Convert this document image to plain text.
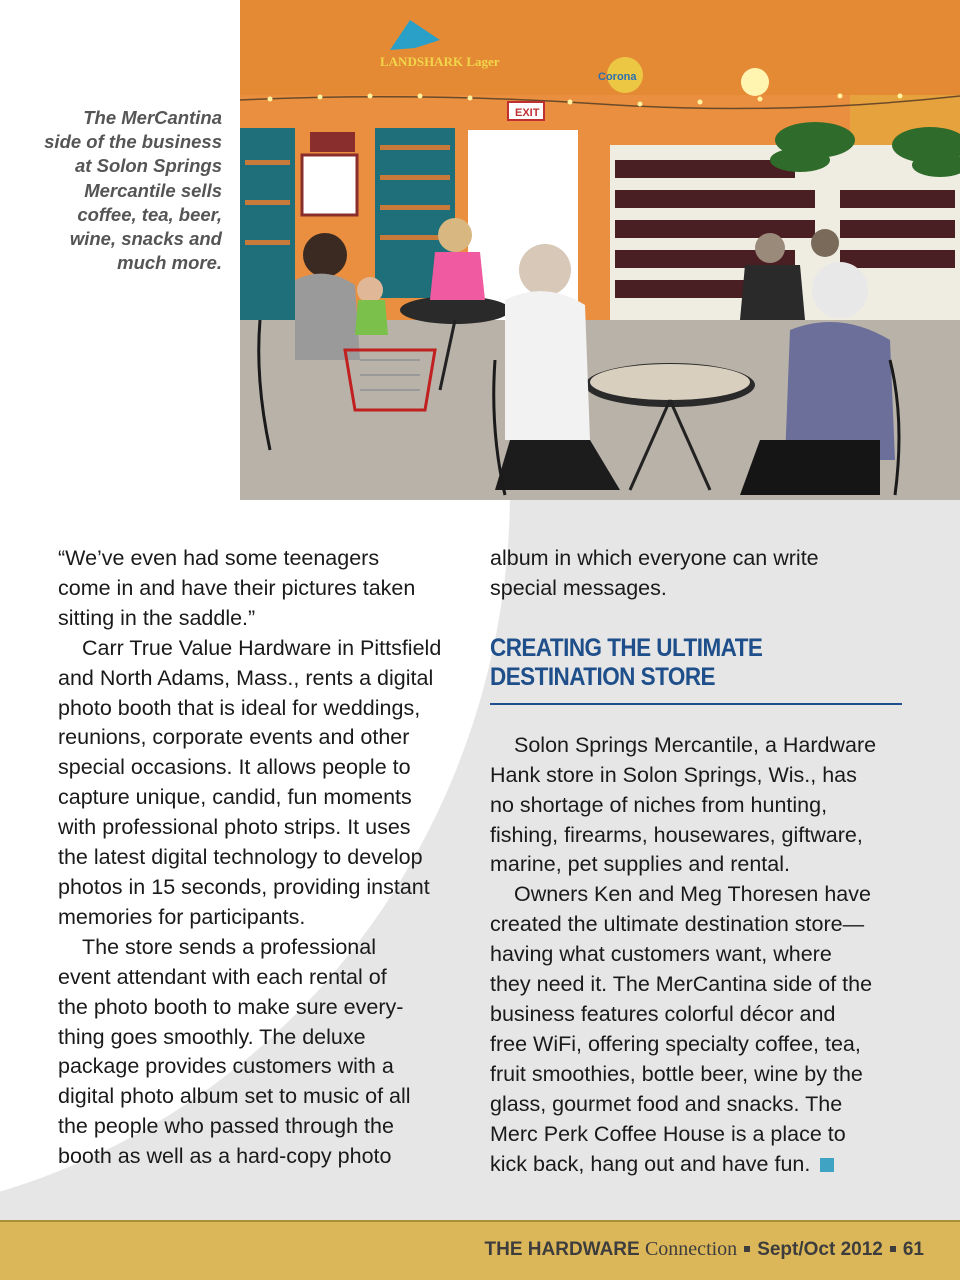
LANDSHARK Lager
Corona
EXIT
The MerCantina
side of the business
at Solon Springs
Mercantile sells
coffee, tea, beer,
wine, snacks and
much more.

“We’ve even had some teenagers
come in and have their pictures taken
sitting in the saddle.”

Carr True Value Hardware in Pittsfield
and North Adams, Mass., rents a digital
photo booth that is ideal for weddings,
reunions, corporate events and other
special occasions. It allows people to
capture unique, candid, fun moments
with professional photo strips. It uses
the latest digital technology to develop
photos in 15 seconds, providing instant
memories for participants.

The store sends a professional
event attendant with each rental of
the photo booth to make sure every-
thing goes smoothly. The deluxe
package provides customers with a
digital photo album set to music of all
the people who passed through the
booth as well as a hard-copy photo

album in which everyone can write
special messages.

CREATING THE ULTIMATE
DESTINATION STORE

Solon Springs Mercantile, a Hardware
Hank store in Solon Springs, Wis., has
no shortage of niches from hunting,
fishing, firearms, housewares, giftware,
marine, pet supplies and rental.

Owners Ken and Meg Thoresen have
created the ultimate destination store—
having what customers want, where
they need it. The MerCantina side of the
business features colorful décor and
free WiFi, offering specialty coffee, tea,
fruit smoothies, bottle beer, wine by the
glass, gourmet food and snacks. The
Merc Perk Coffee House is a place to
kick back, hang out and have fun.

THE HARDWARE Connection Sept/Oct 2012 61
